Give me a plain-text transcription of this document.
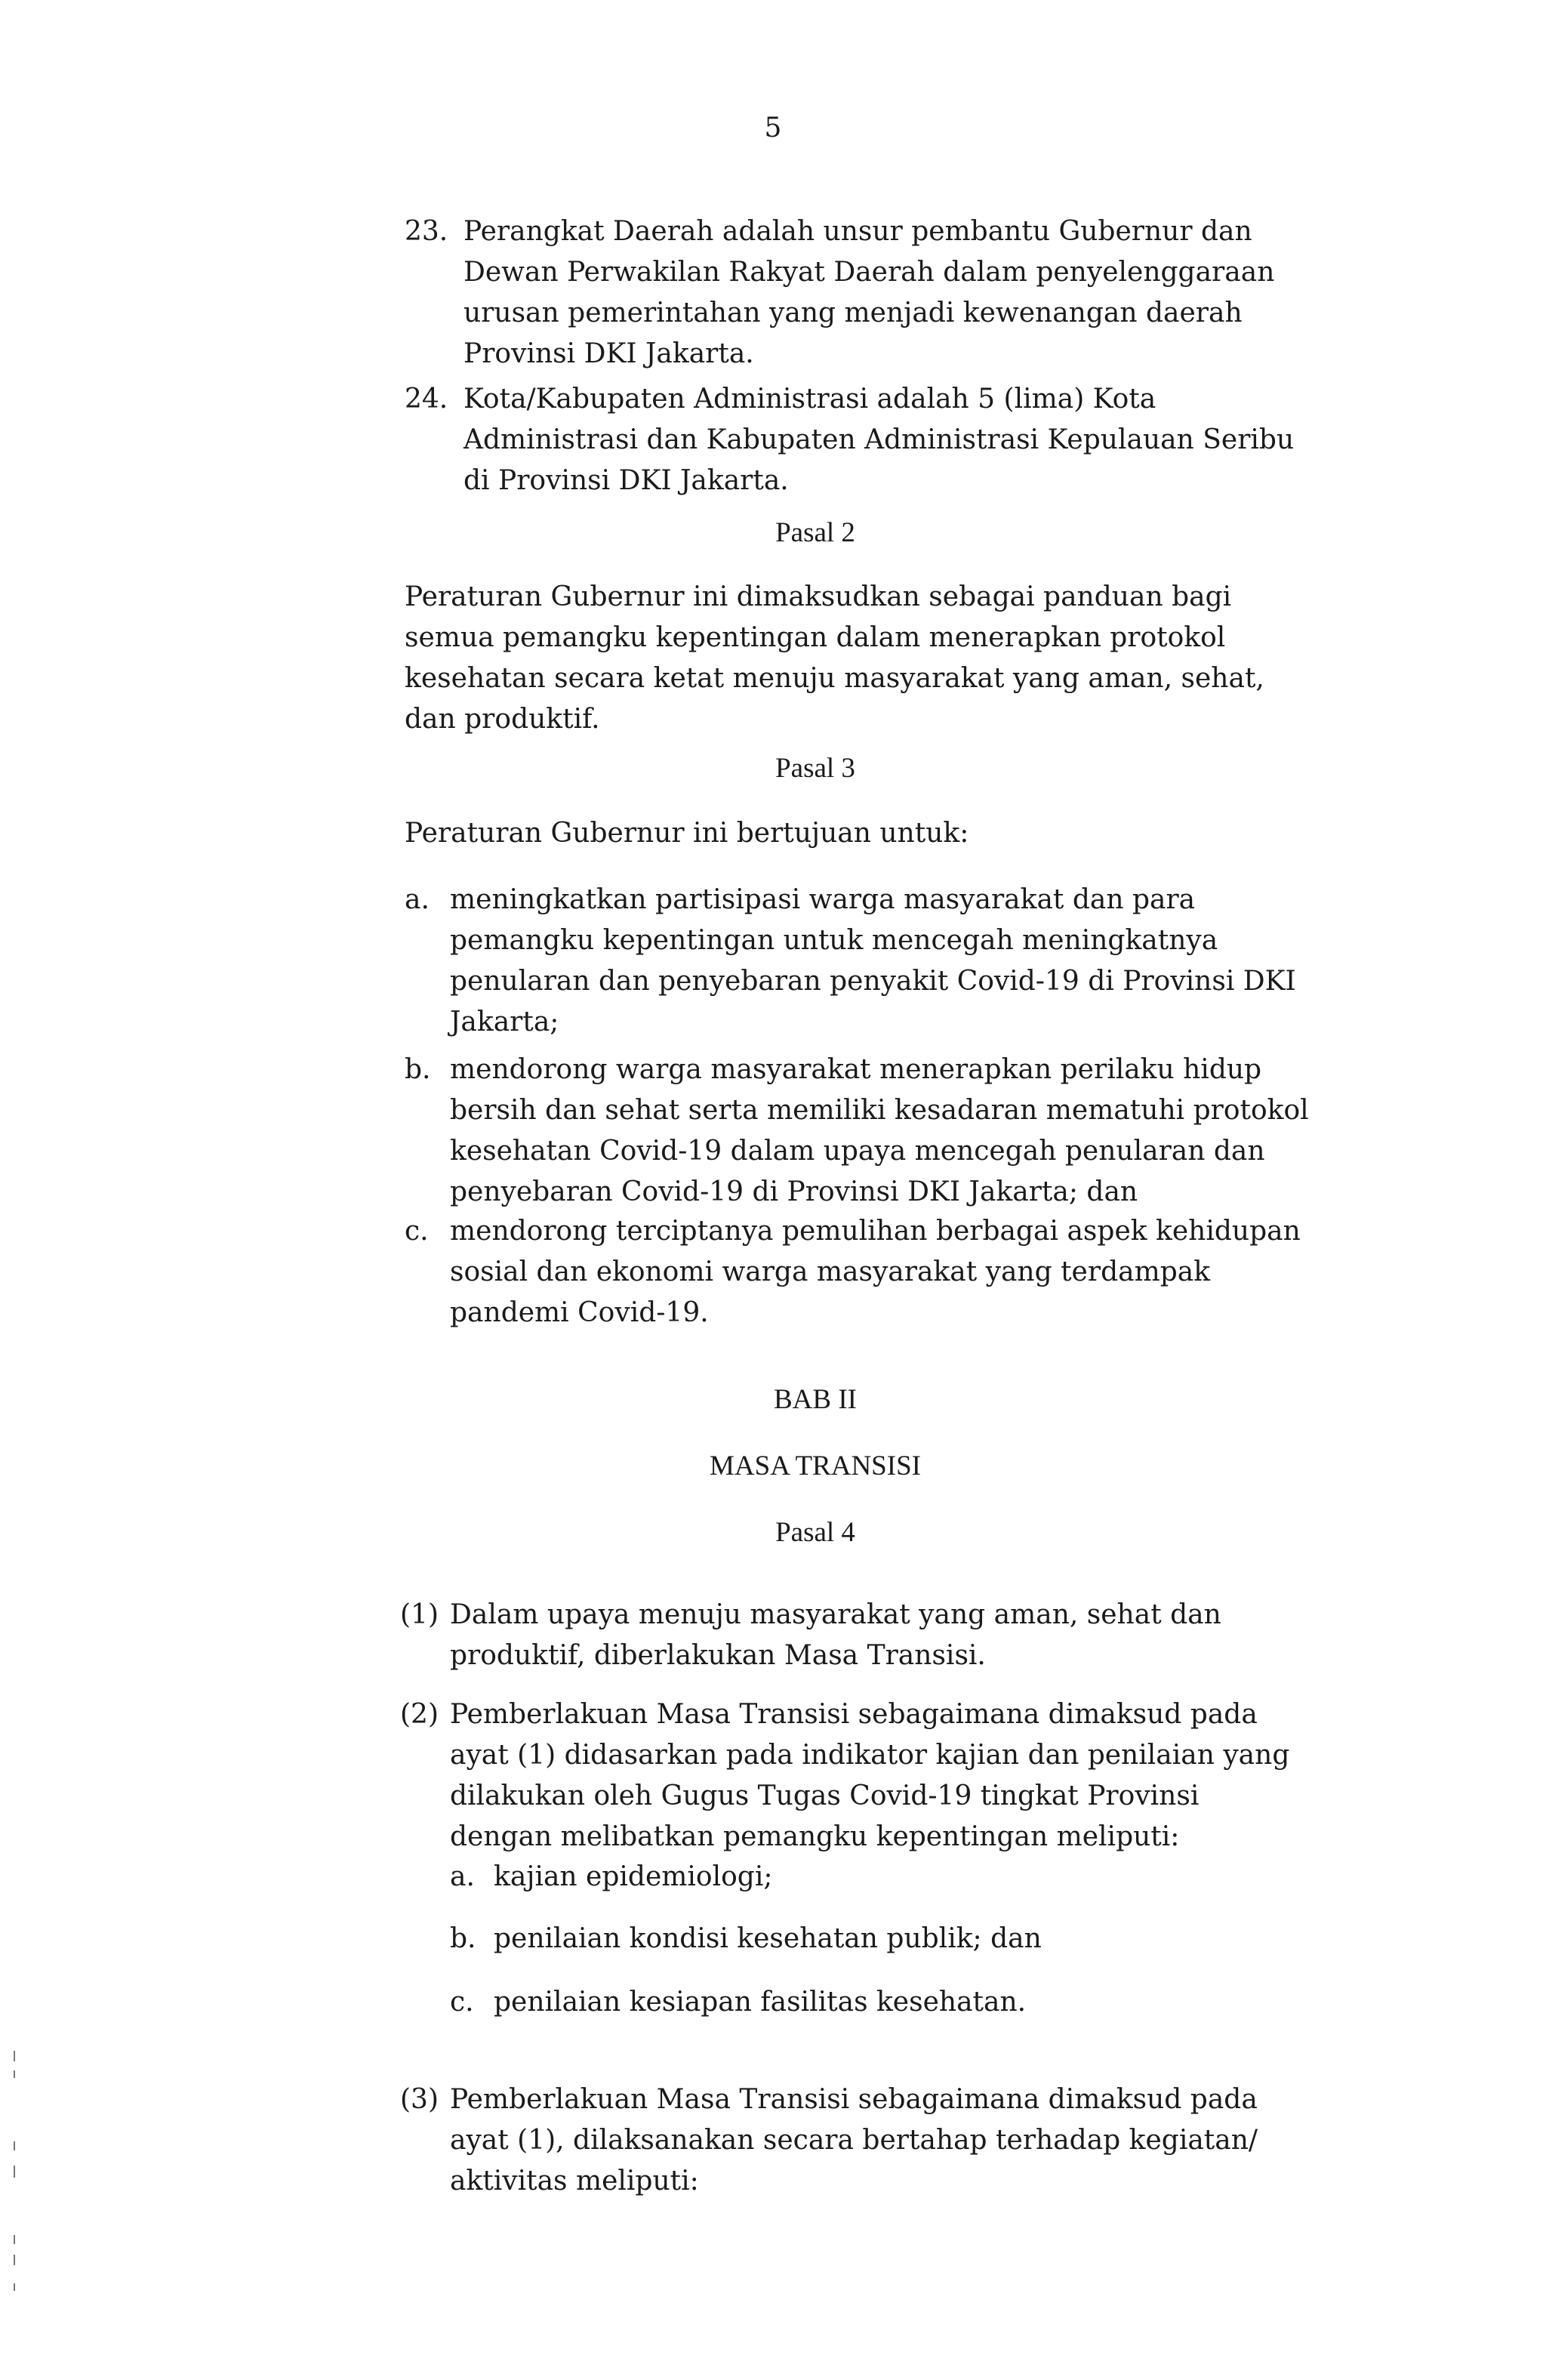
5
23. Perangkat Daerah adalah unsur pembantu Gubernur dan
Dewan Perwakilan Rakyat Daerah dalam penyelenggaraan
urusan pemerintahan yang menjadi kewenangan daerah
Provinsi DKI Jakarta.
24. Kota/Kabupaten Administrasi adalah 5 (lima) Kota
Administrasi dan Kabupaten Administrasi Kepulauan Seribu
di Provinsi DKI Jakarta.
Pasal 2
Peraturan Gubernur ini dimaksudkan sebagai panduan bagi
semua pemangku kepentingan dalam menerapkan protokol
kesehatan secara ketat menuju masyarakat yang aman, sehat,
dan produktif.
Pasal 3
Peraturan Gubernur ini bertujuan untuk:
a. meningkatkan partisipasi warga masyarakat dan para
pemangku kepentingan untuk mencegah meningkatnya
penularan dan penyebaran penyakit Covid-19 di Provinsi DKI
Jakarta;
b. mendorong warga masyarakat menerapkan perilaku hidup
bersih dan sehat serta memiliki kesadaran mematuhi protokol
kesehatan Covid-19 dalam upaya mencegah penularan dan
penyebaran Covid-19 di Provinsi DKI Jakarta; dan
c. mendorong terciptanya pemulihan berbagai aspek kehidupan
sosial dan ekonomi warga masyarakat yang terdampak
pandemi Covid-19.
BAB II
MASA TRANSISI
Pasal 4
(1) Dalam upaya menuju masyarakat yang aman, sehat dan
produktif, diberlakukan Masa Transisi.
(2) Pemberlakuan Masa Transisi sebagaimana dimaksud pada
ayat (1) didasarkan pada indikator kajian dan penilaian yang
dilakukan oleh Gugus Tugas Covid-19 tingkat Provinsi
dengan melibatkan pemangku kepentingan meliputi:
a. kajian epidemiologi;
b. penilaian kondisi kesehatan publik; dan
c. penilaian kesiapan fasilitas kesehatan.
(3) Pemberlakuan Masa Transisi sebagaimana dimaksud pada
ayat (1), dilaksanakan secara bertahap terhadap kegiatan/
aktivitas meliputi:
